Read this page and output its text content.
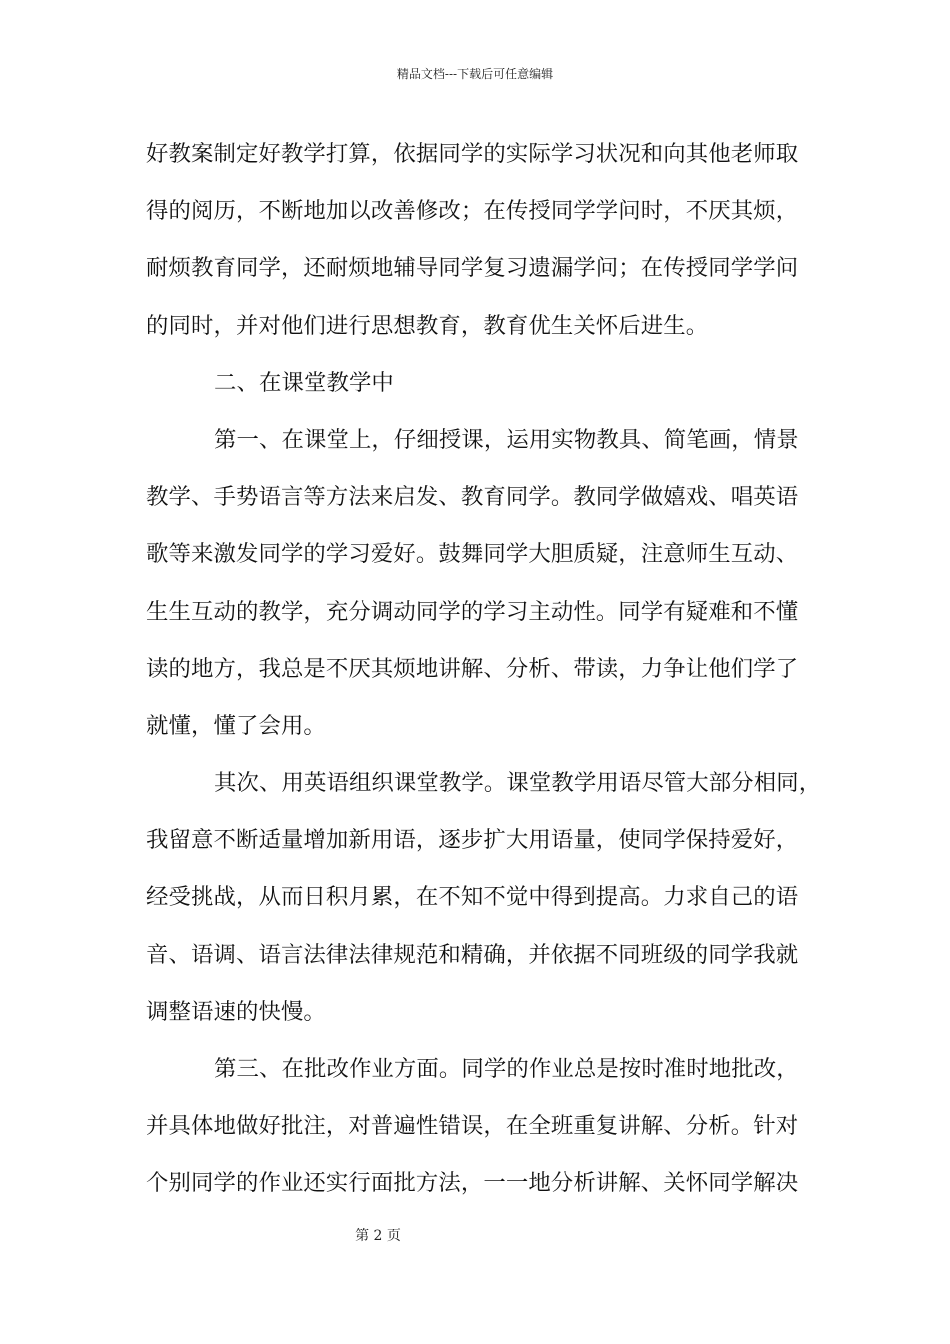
精品文档---下载后可任意编辑
好教案制定好教学打算，依据同学的实际学习状况和向其他老师取
得的阅历，不断地加以改善修改；在传授同学学问时，不厌其烦，
耐烦教育同学，还耐烦地辅导同学复习遗漏学问；在传授同学学问
的同时，并对他们进行思想教育，教育优生关怀后进生。
二、在课堂教学中
第一、在课堂上，仔细授课，运用实物教具、简笔画，情景
教学、手势语言等方法来启发、教育同学。教同学做嬉戏、唱英语
歌等来激发同学的学习爱好。鼓舞同学大胆质疑，注意师生互动、
生生互动的教学，充分调动同学的学习主动性。同学有疑难和不懂
读的地方，我总是不厌其烦地讲解、分析、带读，力争让他们学了
就懂，懂了会用。
其次、用英语组织课堂教学。课堂教学用语尽管大部分相同，
我留意不断适量增加新用语，逐步扩大用语量，使同学保持爱好，
经受挑战，从而日积月累，在不知不觉中得到提高。力求自己的语
音、语调、语言法律法律规范和精确，并依据不同班级的同学我就
调整语速的快慢。
第三、在批改作业方面。同学的作业总是按时准时地批改，
并具体地做好批注，对普遍性错误，在全班重复讲解、分析。针对
个别同学的作业还实行面批方法，一一地分析讲解、关怀同学解决
第 2 页
